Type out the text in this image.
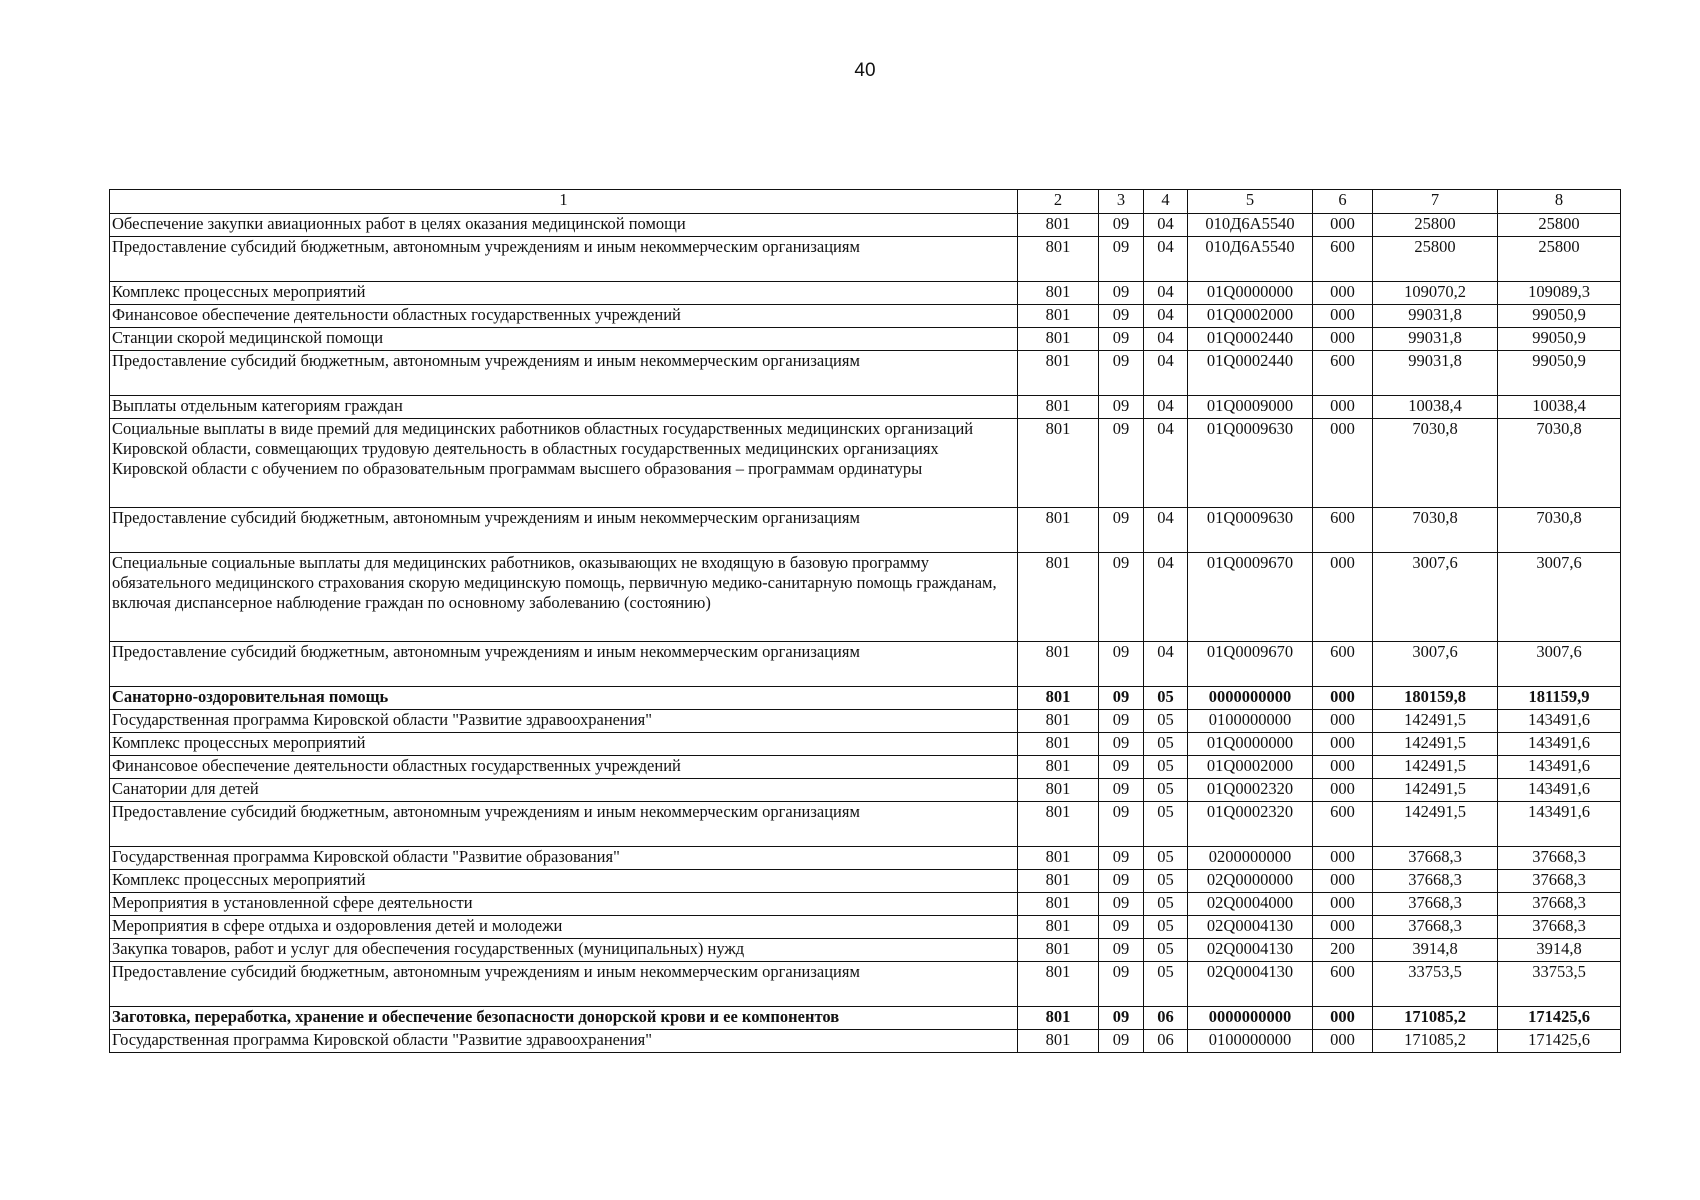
40
1	2	3	4	5	6	7	8
Обеспечение закупки авиационных работ в целях оказания медицинской помощи	801	09	04	010Д6А5540	000	25800	25800
Предоставление субсидий бюджетным, автономным учреждениям и иным некоммерческим организациям	801	09	04	010Д6А5540	600	25800	25800
Комплекс процессных мероприятий	801	09	04	01Q0000000	000	109070,2	109089,3
Финансовое обеспечение деятельности областных государственных учреждений	801	09	04	01Q0002000	000	99031,8	99050,9
Станции скорой медицинской помощи	801	09	04	01Q0002440	000	99031,8	99050,9
Предоставление субсидий бюджетным, автономным учреждениям и иным некоммерческим организациям	801	09	04	01Q0002440	600	99031,8	99050,9
Выплаты отдельным категориям граждан	801	09	04	01Q0009000	000	10038,4	10038,4
Социальные выплаты в виде премий для медицинских работников областных государственных медицинских организаций Кировской области, совмещающих трудовую деятельность в областных государственных медицинских организациях Кировской области с обучением по образовательным программам высшего образования – программам ординатуры	801	09	04	01Q0009630	000	7030,8	7030,8
Предоставление субсидий бюджетным, автономным учреждениям и иным некоммерческим организациям	801	09	04	01Q0009630	600	7030,8	7030,8
Специальные социальные выплаты для медицинских работников, оказывающих не входящую в базовую программу обязательного медицинского страхования скорую медицинскую помощь, первичную медико-санитарную помощь гражданам, включая диспансерное наблюдение граждан по основному заболеванию (состоянию)	801	09	04	01Q0009670	000	3007,6	3007,6
Предоставление субсидий бюджетным, автономным учреждениям и иным некоммерческим организациям	801	09	04	01Q0009670	600	3007,6	3007,6
Санаторно-оздоровительная помощь	801	09	05	0000000000	000	180159,8	181159,9
Государственная программа Кировской области "Развитие здравоохранения"	801	09	05	0100000000	000	142491,5	143491,6
Комплекс процессных мероприятий	801	09	05	01Q0000000	000	142491,5	143491,6
Финансовое обеспечение деятельности областных государственных учреждений	801	09	05	01Q0002000	000	142491,5	143491,6
Санатории для детей	801	09	05	01Q0002320	000	142491,5	143491,6
Предоставление субсидий бюджетным, автономным учреждениям и иным некоммерческим организациям	801	09	05	01Q0002320	600	142491,5	143491,6
Государственная программа Кировской области "Развитие образования"	801	09	05	0200000000	000	37668,3	37668,3
Комплекс процессных мероприятий	801	09	05	02Q0000000	000	37668,3	37668,3
Мероприятия в установленной сфере деятельности	801	09	05	02Q0004000	000	37668,3	37668,3
Мероприятия в сфере отдыха и оздоровления детей и молодежи	801	09	05	02Q0004130	000	37668,3	37668,3
Закупка товаров, работ и услуг для обеспечения государственных (муниципальных) нужд	801	09	05	02Q0004130	200	3914,8	3914,8
Предоставление субсидий бюджетным, автономным учреждениям и иным некоммерческим организациям	801	09	05	02Q0004130	600	33753,5	33753,5
Заготовка, переработка, хранение и обеспечение безопасности донорской крови и ее компонентов	801	09	06	0000000000	000	171085,2	171425,6
Государственная программа Кировской области "Развитие здравоохранения"	801	09	06	0100000000	000	171085,2	171425,6
